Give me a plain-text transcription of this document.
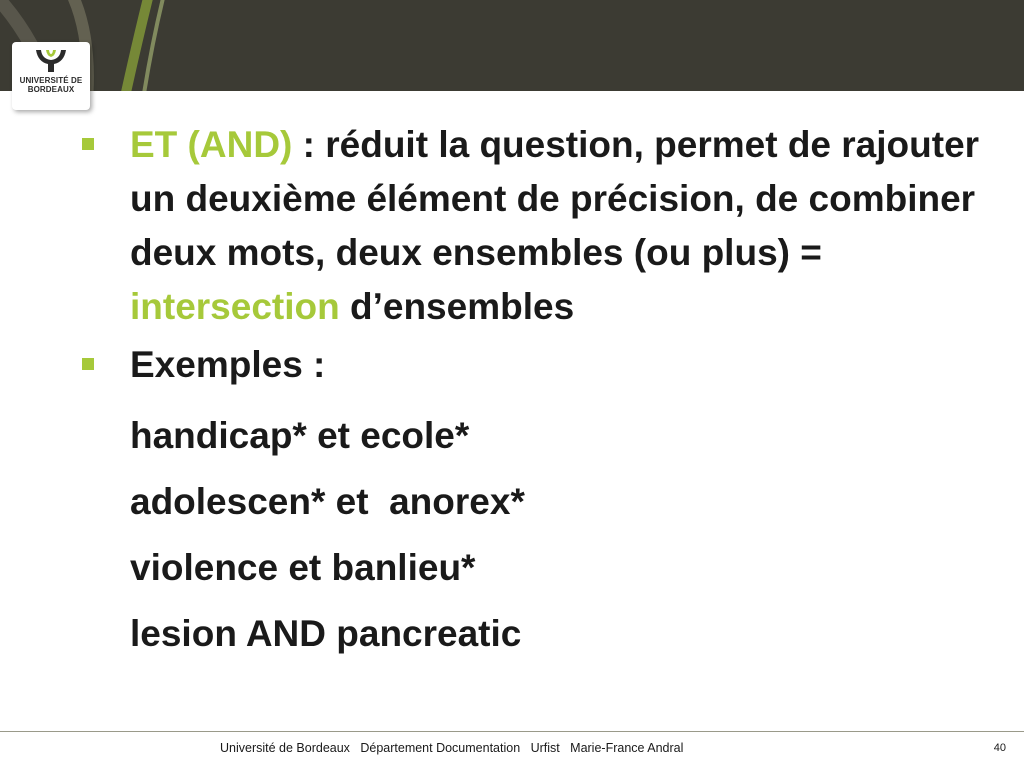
UNIVERSITÉ DE
BORDEAUX
ET (AND) : réduit la question, permet de rajouter un deuxième élément de précision, de combiner deux mots, deux ensembles (ou plus) = intersection d’ensembles
Exemples :
handicap* et ecole*
adolescen* et  anorex*
violence et banlieu*
lesion AND pancreatic
Université de Bordeaux   Département Documentation   Urfist   Marie-France Andral	40
